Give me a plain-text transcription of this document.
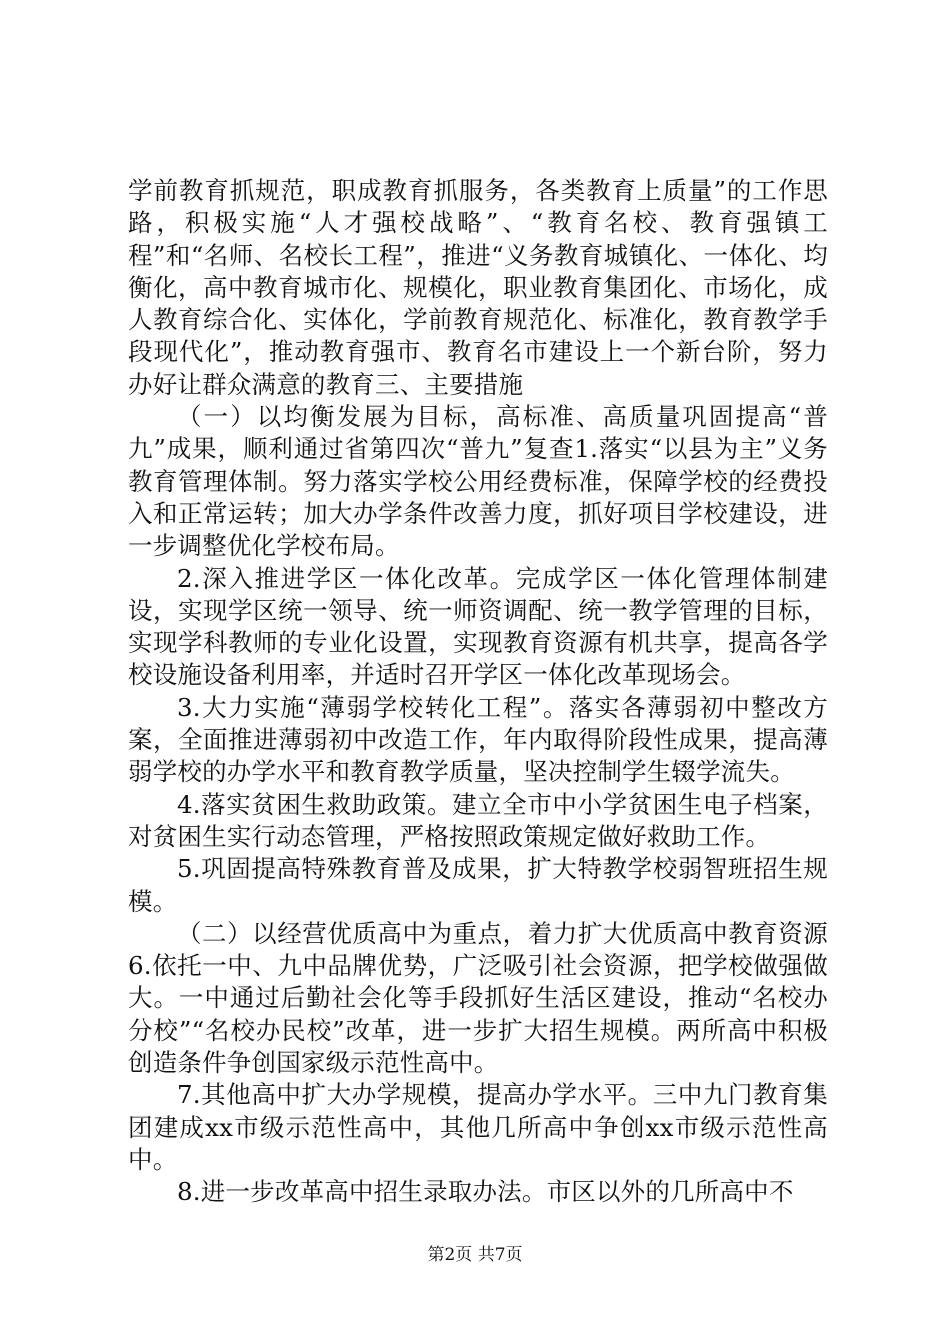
学前教育抓规范，职成教育抓服务，各类教育上质量”的工作思路，积极实施“人才强校战略”、“教育名校、教育强镇工程”和“名师、名校长工程”，推进“义务教育城镇化、一体化、均衡化，高中教育城市化、规模化，职业教育集团化、市场化，成人教育综合化、实体化，学前教育规范化、标准化，教育教学手段现代化”，推动教育强市、教育名市建设上一个新台阶，努力办好让群众满意的教育三、主要措施

（一）以均衡发展为目标，高标准、高质量巩固提高“普九”成果，顺利通过省第四次“普九”复查1.落实“以县为主”义务教育管理体制。努力落实学校公用经费标准，保障学校的经费投入和正常运转；加大办学条件改善力度，抓好项目学校建设，进一步调整优化学校布局。

2.深入推进学区一体化改革。完成学区一体化管理体制建设，实现学区统一领导、统一师资调配、统一教学管理的目标，实现学科教师的专业化设置，实现教育资源有机共享，提高各学校设施设备利用率，并适时召开学区一体化改革现场会。

3.大力实施“薄弱学校转化工程”。落实各薄弱初中整改方案，全面推进薄弱初中改造工作，年内取得阶段性成果，提高薄弱学校的办学水平和教育教学质量，坚决控制学生辍学流失。

4.落实贫困生救助政策。建立全市中小学贫困生电子档案，对贫困生实行动态管理，严格按照政策规定做好救助工作。

5.巩固提高特殊教育普及成果，扩大特教学校弱智班招生规模。

（二）以经营优质高中为重点，着力扩大优质高中教育资源6.依托一中、九中品牌优势，广泛吸引社会资源，把学校做强做大。一中通过后勤社会化等手段抓好生活区建设，推动“名校办分校”“名校办民校”改革，进一步扩大招生规模。两所高中积极创造条件争创国家级示范性高中。

7.其他高中扩大办学规模，提高办学水平。三中九门教育集团建成xx市级示范性高中，其他几所高中争创xx市级示范性高中。

8.进一步改革高中招生录取办法。市区以外的几所高中不

第2页 共7页
